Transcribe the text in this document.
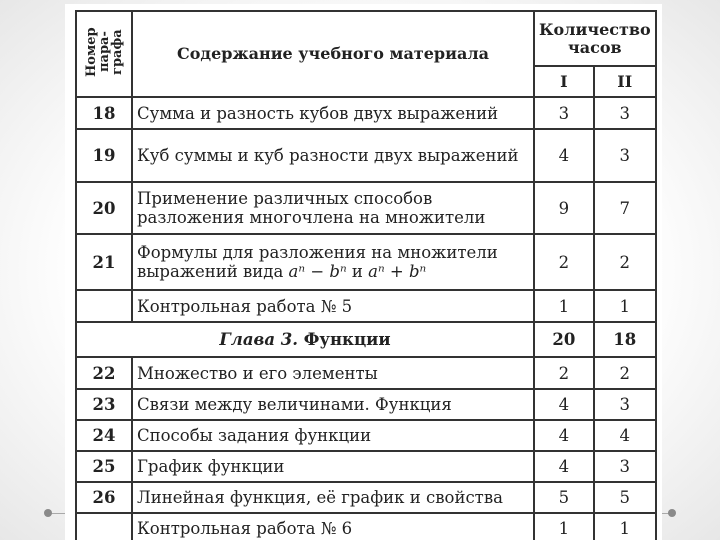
Номер пара-графа	Содержание учебного материала	Количество часов	
		I	II
18	Сумма и разность кубов двух выражений	3	3
19	Куб суммы и куб разности двух выражений	4	3
20	Применение различных способов разложения многочлена на множители	9	7
21	Формулы для разложения на множители выражений вида aⁿ − bⁿ и aⁿ + bⁿ	2	2
	Контрольная работа № 5	1	1
Глава 3. Функции		20	18
22	Множество и его элементы	2	2
23	Связи между величинами. Функция	4	3
24	Способы задания функции	4	4
25	График функции	4	3
26	Линейная функция, её график и свойства	5	5
	Контрольная работа № 6	1	1
